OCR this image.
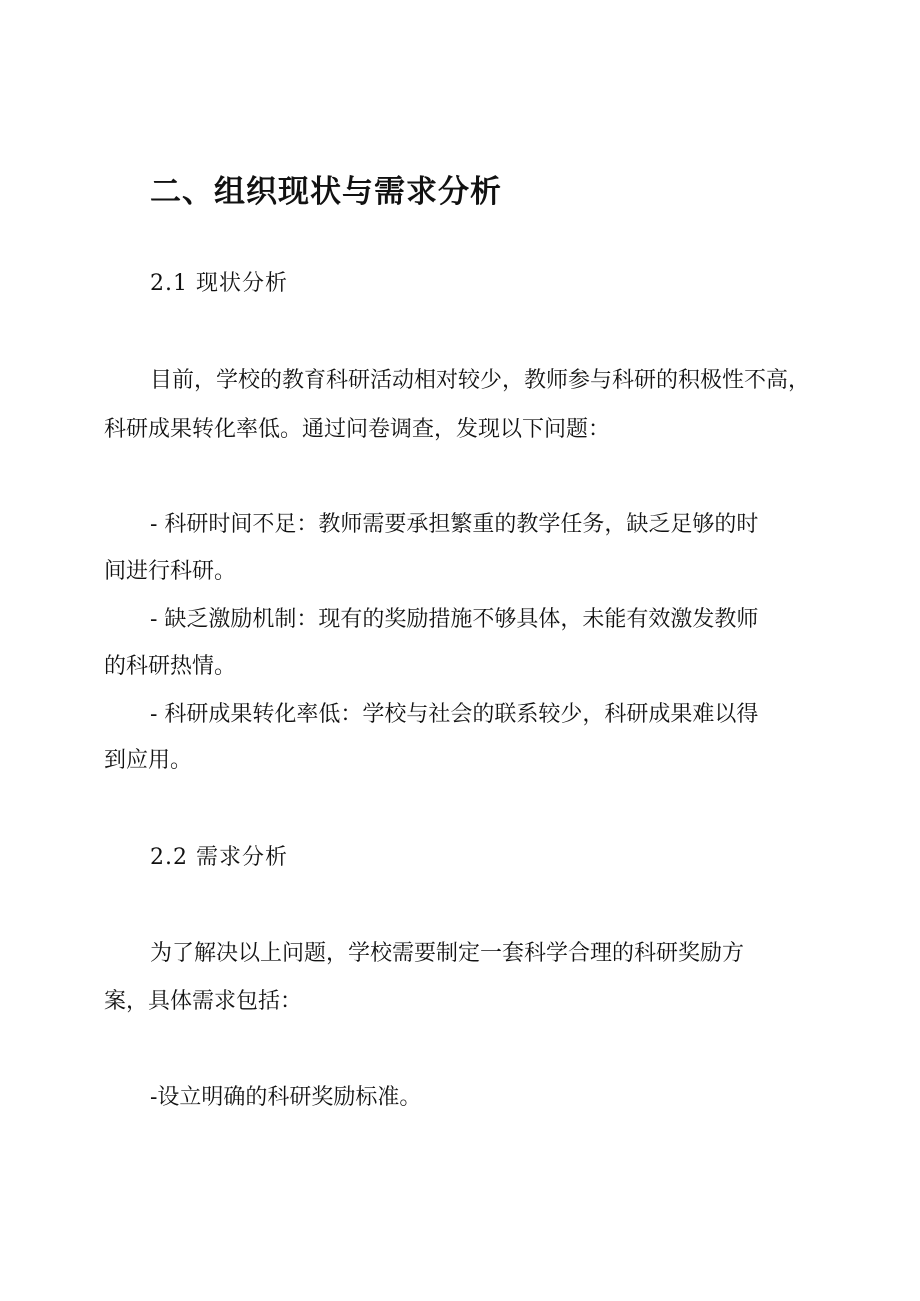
二、组织现状与需求分析
2.1 现状分析
目前，学校的教育科研活动相对较少，教师参与科研的积极性不高，
科研成果转化率低。通过问卷调查，发现以下问题：
- 科研时间不足：教师需要承担繁重的教学任务，缺乏足够的时
间进行科研。
- 缺乏激励机制：现有的奖励措施不够具体，未能有效激发教师
的科研热情。
- 科研成果转化率低：学校与社会的联系较少，科研成果难以得
到应用。
2.2 需求分析
为了解决以上问题，学校需要制定一套科学合理的科研奖励方
案，具体需求包括：
-设立明确的科研奖励标准。
